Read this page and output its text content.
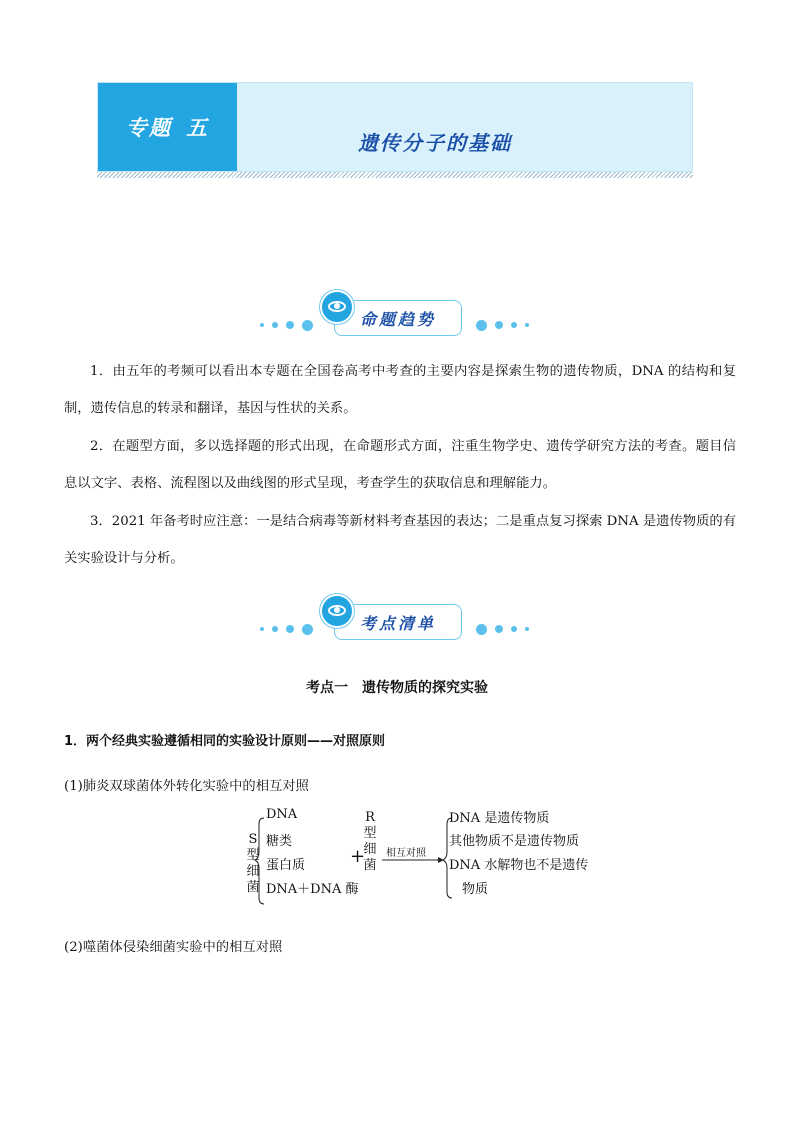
专题 五
遗传分子的基础
命题趋势
1．由五年的考频可以看出本专题在全国卷高考中考查的主要内容是探索生物的遗传物质，DNA 的结构和复制，遗传信息的转录和翻译，基因与性状的关系。
2．在题型方面，多以选择题的形式出现，在命题形式方面，注重生物学史、遗传学研究方法的考查。题目信息以文字、表格、流程图以及曲线图的形式呈现，考查学生的获取信息和理解能力。
3．2021 年备考时应注意：一是结合病毒等新材料考查基因的表达；二是重点复习探索 DNA 是遗传物质的有关实验设计与分析。
考点清单
考点一　遗传物质的探究实验
1．两个经典实验遵循相同的实验设计原则——对照原则
(1)肺炎双球菌体外转化实验中的相互对照
S型细菌
DNA
糖类
蛋白质
DNA＋DNA 酶
+
R型细菌
相互对照
DNA 是遗传物质
其他物质不是遗传物质
DNA 水解物也不是遗传
物质
(2)噬菌体侵染细菌实验中的相互对照
